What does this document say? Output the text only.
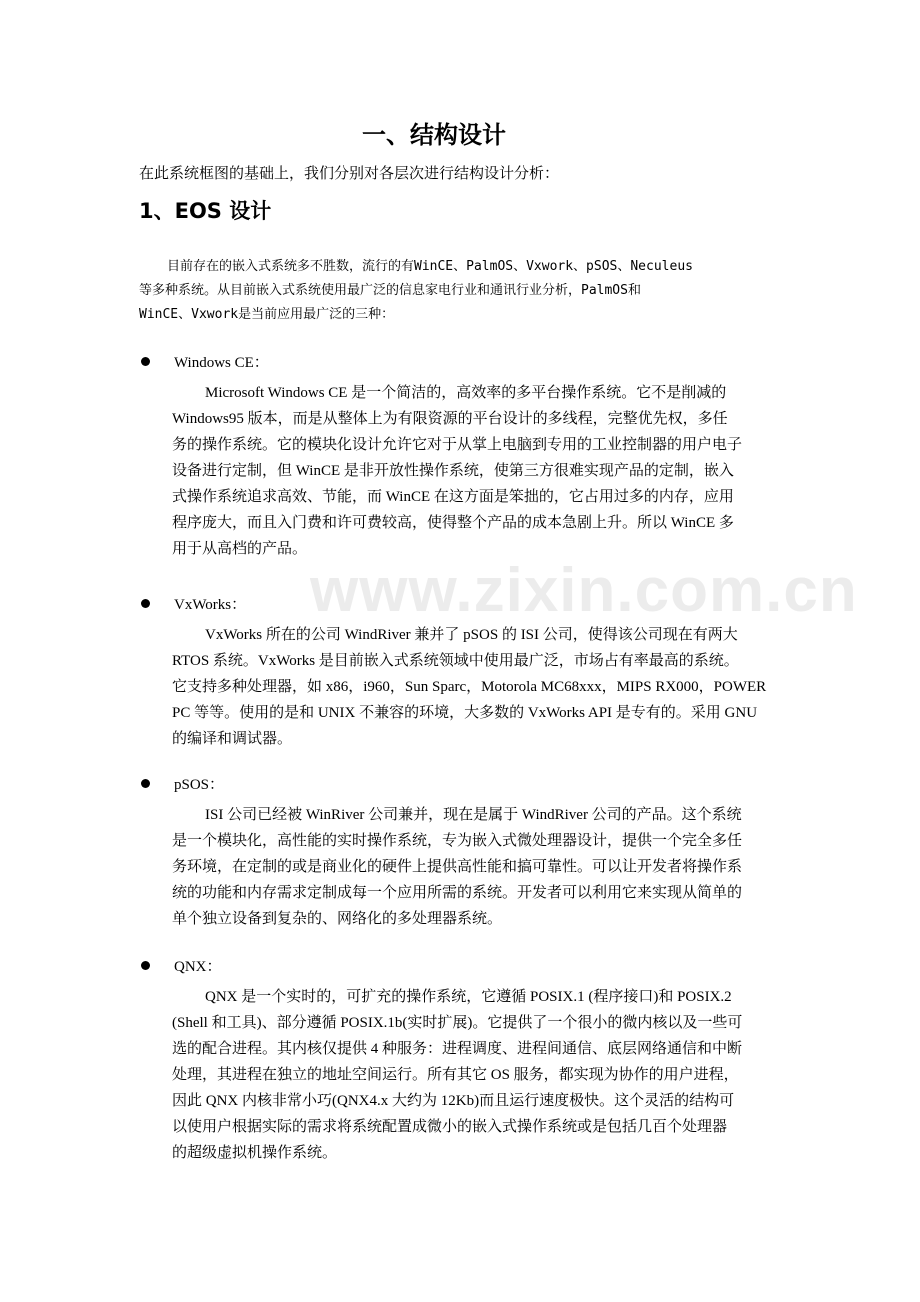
www.zixin.com.cn
一、结构设计
在此系统框图的基础上，我们分别对各层次进行结构设计分析：
1、EOS 设计
目前存在的嵌入式系统多不胜数，流行的有WinCE、PalmOS、Vxwork、pSOS、Neculeus
等多种系统。从目前嵌入式系统使用最广泛的信息家电行业和通讯行业分析，PalmOS和
WinCE、Vxwork是当前应用最广泛的三种：
Windows CE：
Microsoft Windows CE 是一个简洁的，高效率的多平台操作系统。它不是削减的
Windows95 版本，而是从整体上为有限资源的平台设计的多线程，完整优先权，多任
务的操作系统。它的模块化设计允许它对于从掌上电脑到专用的工业控制器的用户电子
设备进行定制，但 WinCE 是非开放性操作系统，使第三方很难实现产品的定制，嵌入
式操作系统追求高效、节能，而 WinCE 在这方面是笨拙的，它占用过多的内存，应用
程序庞大，而且入门费和许可费较高，使得整个产品的成本急剧上升。所以 WinCE 多
用于从高档的产品。
VxWorks：
VxWorks 所在的公司 WindRiver 兼并了 pSOS 的 ISI 公司，使得该公司现在有两大
RTOS 系统。VxWorks 是目前嵌入式系统领域中使用最广泛，市场占有率最高的系统。
它支持多种处理器，如 x86，i960，Sun Sparc，Motorola MC68xxx，MIPS RX000，POWER
PC 等等。使用的是和 UNIX 不兼容的环境，大多数的 VxWorks API 是专有的。采用 GNU
的编译和调试器。
pSOS：
ISI 公司已经被 WinRiver 公司兼并，现在是属于 WindRiver 公司的产品。这个系统
是一个模块化，高性能的实时操作系统，专为嵌入式微处理器设计，提供一个完全多任
务环境，在定制的或是商业化的硬件上提供高性能和搞可靠性。可以让开发者将操作系
统的功能和内存需求定制成每一个应用所需的系统。开发者可以利用它来实现从简单的
单个独立设备到复杂的、网络化的多处理器系统。
QNX：
QNX 是一个实时的，可扩充的操作系统，它遵循 POSIX.1 (程序接口)和 POSIX.2
(Shell 和工具)、部分遵循 POSIX.1b(实时扩展)。它提供了一个很小的微内核以及一些可
选的配合进程。其内核仅提供 4 种服务：进程调度、进程间通信、底层网络通信和中断
处理，其进程在独立的地址空间运行。所有其它 OS 服务，都实现为协作的用户进程，
因此 QNX 内核非常小巧(QNX4.x 大约为 12Kb)而且运行速度极快。这个灵活的结构可
以使用户根据实际的需求将系统配置成微小的嵌入式操作系统或是包括几百个处理器
的超级虚拟机操作系统。
